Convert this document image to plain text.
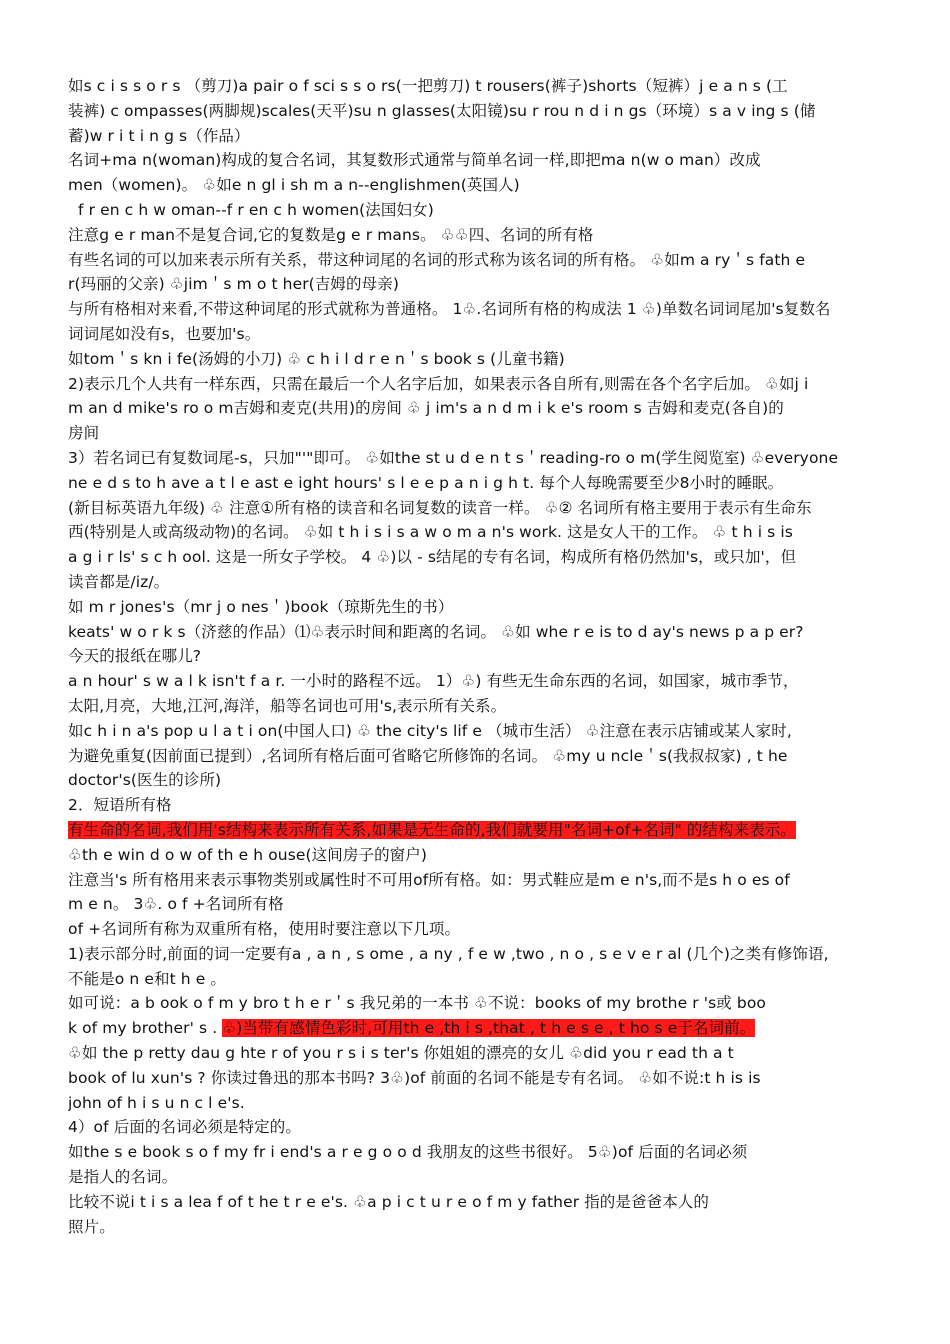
如s c i s s o r s （剪刀)a pair o f sci s s o rs(一把剪刀) t rousers(裤子)shorts（短裤）j e a n s (工
装裤) c ompasses(两脚规)scales(天平)su n glasses(太阳镜)su r rou n d i n gs（环境）s a v ing s (储
蓄)w r i t i n g s（作品）
名词+ma n(woman)构成的复合名词，其复数形式通常与简单名词一样,即把ma n(w o man）改成
men（women)。 ♧如e n gl i sh m a n--englishmen(英国人)
f r en c h w oman--f r en c h women(法国妇女)
注意g e r man不是复合词,它的复数是g e r mans。 ♧♧四、名词的所有格
有些名词的可以加来表示所有关系，带这种词尾的名词的形式称为该名词的所有格。 ♧如m a ry＇s fath e
r(玛丽的父亲) ♧jim＇s m o t her(吉姆的母亲)
与所有格相对来看,不带这种词尾的形式就称为普通格。 1♧.名词所有格的构成法 1 ♧)单数名词词尾加's复数名
词词尾如没有s，也要加's。
如tom＇s kn i fe(汤姆的小刀) ♧ c h i l d r e n＇s book s (儿童书籍)
2)表示几个人共有一样东西，只需在最后一个人名字后加，如果表示各自所有,则需在各个名字后加。 ♧如j i
m an d mike's ro o m吉姆和麦克(共用)的房间 ♧ j im's a n d m i k e's room s 吉姆和麦克(各自)的
房间
3）若名词已有复数词尾-s，只加"'"即可。 ♧如the st u d e n t s＇reading-ro o m(学生阅览室) ♧everyone
ne e d s to h ave a t l e ast e ight hours' s l e e p a n i g h t. 每个人每晚需要至少8小时的睡眠。
(新目标英语九年级) ♧ 注意①所有格的读音和名词复数的读音一样。 ♧② 名词所有格主要用于表示有生命东
西(特别是人或高级动物)的名词。 ♧如 t h i s i s a w o m a n's work. 这是女人干的工作。 ♧ t h i s is
a g i r ls' s c h ool. 这是一所女子学校。 4 ♧)以 - s结尾的专有名词，构成所有格仍然加's，或只加'，但
读音都是/iz/。
如 m r jones's（mr j o nes＇)book（琼斯先生的书）
keats' w o r k s（济慈的作品）⑴♧表示时间和距离的名词。 ♧如 whe r e is to d ay's news p a p er?
今天的报纸在哪儿?
a n hour' s w a l k isn't f a r. 一小时的路程不远。 1）♧) 有些无生命东西的名词，如国家，城市季节，
太阳,月亮，大地,江河,海洋，船等名词也可用's,表示所有关系。
如c h i n a's pop u l a t i on(中国人口) ♧ the city's lif e （城市生活） ♧注意在表示店铺或某人家时,
为避免重复(因前面已提到）,名词所有格后面可省略它所修饰的名词。 ♧my u ncle＇s(我叔叔家) , t he
doctor's(医生的诊所)
2．短语所有格
有生命的名词,我们用's结构来表示所有关系,如果是无生命的,我们就要用"名词+of+名词" 的结构来表示。
♧th e win d o w of th e h ouse(这间房子的窗户)
注意当's 所有格用来表示事物类别或属性时不可用of所有格。如：男式鞋应是m e n's,而不是s h o es of
m e n。 3♧. o f +名词所有格
of +名词所有称为双重所有格，使用时要注意以下几项。
1)表示部分时,前面的词一定要有a , a n , s ome , a ny , f e w ,two , n o , s e v e r al (几个)之类有修饰语,
不能是o n e和t h e 。
如可说：a b ook o f m y bro t h e r＇s 我兄弟的一本书 ♧不说：books of my brothe r 's或 boo
k of my brother' s . ♧)当带有感情色彩时,可用th e ,th i s ,that , t h e s e , t ho s e于名词前。
♧如 the p retty dau g hte r of you r s i s ter's 你姐姐的漂亮的女儿 ♧did you r ead th a t
book of lu xun's ? 你读过鲁迅的那本书吗? 3♧)of 前面的名词不能是专有名词。 ♧如不说:t h is is
john of h i s u n c l e's.
4）of 后面的名词必须是特定的。
如the s e book s o f my fr i end's a r e g o o d 我朋友的这些书很好。 5♧)of 后面的名词必须
是指人的名词。
比较不说i t i s a lea f of t he t r e e's. ♧a p i c t u r e o f m y father 指的是爸爸本人的
照片。
